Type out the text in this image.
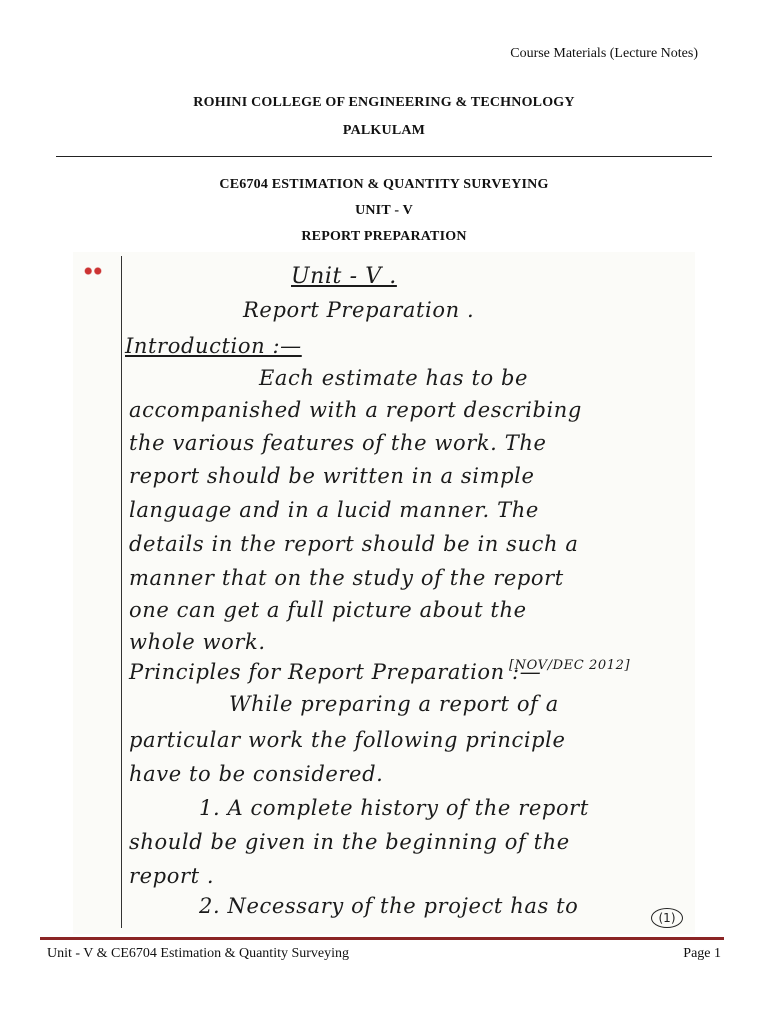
Course Materials (Lecture Notes)
ROHINI COLLEGE OF ENGINEERING & TECHNOLOGY
PALKULAM
CE6704 ESTIMATION & QUANTITY SURVEYING
UNIT - V
REPORT PREPARATION
Unit - V .
Report Preparation .
Introduction :—
Each estimate has to be
accompanished with a report describing
the various features of the work. The
report should be written in a simple
language and in a lucid manner. The
details in the report should be in such a
manner that on the study of the report
one can get a full picture about the
whole work.
Principles for Report Preparation :—
[NOV/DEC 2012]
While preparing a report of a
particular work the following principle
have to be considered.
1. A complete history of the report
should be given in the beginning of the
report .
2. Necessary of the project has to	(1)
Unit - V & CE6704 Estimation & Quantity Surveying	Page 1
